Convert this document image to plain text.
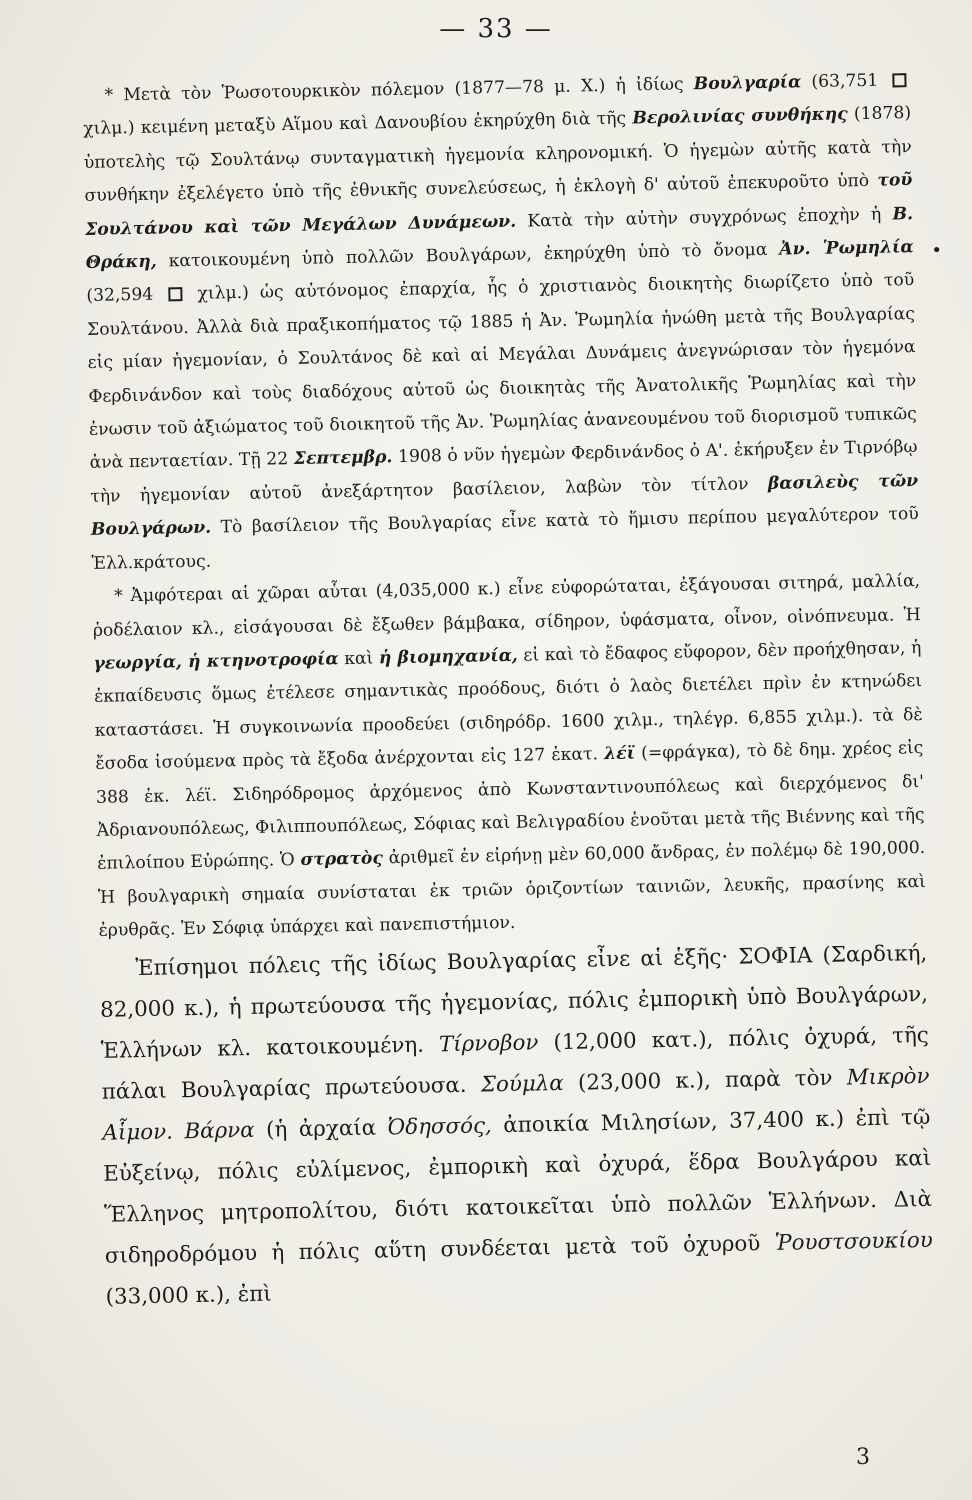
— 33 —
•

* Μετὰ τὸν Ῥωσοτουρκικὸν πόλεμον (1877—78 μ. Χ.) ἡ ἰδίως Βουλγαρία (63,751  χιλμ.) κειμένη μεταξὺ Αἵμου καὶ Δανουβίου ἐκηρύχθη διὰ τῆς Βερολινίας συνθήκης (1878) ὑποτελὴς τῷ Σουλτάνῳ συνταγματικὴ ἡγεμονία κληρονομική. Ὁ ἡγεμὼν αὐτῆς κατὰ τὴν συνθήκην ἐξελέγετο ὑπὸ τῆς ἐθνικῆς συνελεύσεως, ἡ ἐκλογὴ δ' αὐτοῦ ἐπεκυροῦτο ὑπὸ τοῦ Σουλτάνου καὶ τῶν Μεγάλων Δυνάμεων. Κατὰ τὴν αὐτὴν συγχρόνως ἐποχὴν ἡ Β. Θράκη, κατοικουμένη ὑπὸ πολλῶν Βουλγάρων, ἐκηρύχθη ὑπὸ τὸ ὄνομα Ἀν. Ῥωμηλία (32,594  χιλμ.) ὡς αὐτόνομος ἐπαρχία, ἧς ὁ χριστιανὸς διοικητὴς διωρίζετο ὑπὸ τοῦ Σουλτάνου. Ἀλλὰ διὰ πραξικοπήματος τῷ 1885 ἡ Ἀν. Ῥωμηλία ἡνώθη μετὰ τῆς Βουλγαρίας εἰς μίαν ἡγεμονίαν, ὁ Σουλτάνος δὲ καὶ αἱ Μεγάλαι Δυνάμεις ἀνεγνώρισαν τὸν ἡγεμόνα Φερδινάνδον καὶ τοὺς διαδόχους αὐτοῦ ὡς διοικητὰς τῆς Ἀνατολικῆς Ῥωμηλίας καὶ τὴν ἐνωσιν τοῦ ἀξιώματος τοῦ διοικητοῦ τῆς Ἀν. Ῥωμηλίας ἀνανεουμένου τοῦ διορισμοῦ τυπικῶς ἀνὰ πενταετίαν. Τῇ 22 Σεπτεμβρ. 1908 ὁ νῦν ἡγεμὼν Φερδινάνδος ὁ Α'. ἐκήρυξεν ἐν Τιρνόβῳ τὴν ἡγεμονίαν αὐτοῦ ἀνεξάρτητον βασίλειον, λαβὼν τὸν τίτλον βασιλεὺς τῶν Βουλγάρων. Τὸ βασίλειον τῆς Βουλγαρίας εἶνε κατὰ τὸ ἥμισυ περίπου μεγαλύτερον τοῦ Ἑλλ.κράτους.

* Ἀμφότεραι αἱ χῶραι αὗται (4,035,000 κ.) εἶνε εὐφορώταται, ἐξάγουσαι σιτηρά, μαλλία, ῥοδέλαιον κλ., εἰσάγουσαι δὲ ἔξωθεν βάμβακα, σίδηρον, ὑφάσματα, οἶνον, οἰνόπνευμα. Ἡ γεωργία, ἡ κτηνοτροφία καὶ ἡ βιομηχανία, εἰ καὶ τὸ ἔδαφος εὔφορον, δὲν προήχθησαν, ἡ ἐκπαίδευσις ὅμως ἐτέλεσε σημαντικὰς προόδους, διότι ὁ λαὸς διετέλει πρὶν ἐν κτηνώδει καταστάσει. Ἡ συγκοινωνία προοδεύει (σιδηρόδρ. 1600 χιλμ., τηλέγρ. 6,855 χιλμ.). τὰ δὲ ἔσοδα ἰσούμενα πρὸς τὰ ἔξοδα ἀνέρχονται εἰς 127 ἑκατ. λέϊ (=φράγκα), τὸ δὲ δημ. χρέος εἰς 388 ἑκ. λέϊ. Σιδηρόδρομος ἀρχόμενος ἀπὸ Κωνσταντινουπόλεως καὶ διερχόμενος δι' Ἀδριανουπόλεως, Φιλιππουπόλεως, Σόφιας καὶ Βελιγραδίου ἑνοῦται μετὰ τῆς Βιέννης καὶ τῆς ἐπιλοίπου Εὐρώπης. Ὁ στρατὸς ἀριθμεῖ ἐν εἰρήνῃ μὲν 60,000 ἄνδρας, ἐν πολέμῳ δὲ 190,000. Ἡ βουλγαρικὴ σημαία συνίσταται ἐκ τριῶν ὁριζοντίων ταινιῶν, λευκῆς, πρασίνης καὶ ἐρυθρᾶς. Ἐν Σόφιᾳ ὑπάρχει καὶ πανεπιστήμιον.

Ἐπίσημοι πόλεις τῆς ἰδίως Βουλγαρίας εἶνε αἱ ἑξῆς· ΣΟΦΙΑ (Σαρδική, 82,000 κ.), ἡ πρωτεύουσα τῆς ἡγεμονίας, πόλις ἐμπορικὴ ὑπὸ Βουλγάρων, Ἑλλήνων κλ. κατοικουμένη. Τίρνοβον (12,000 κατ.), πόλις ὀχυρά, τῆς πάλαι Βουλγαρίας πρωτεύουσα. Σούμλα (23,000 κ.), παρὰ τὸν Μικρὸν Αἷμον. Βάρνα (ἡ ἀρχαία Ὀδησσός, ἀποικία Μιλησίων, 37,400 κ.) ἐπὶ τῷ Εὐξείνῳ, πόλις εὐλίμενος, ἐμπορικὴ καὶ ὀχυρά, ἕδρα Βουλγάρου καὶ Ἕλληνος μητροπολίτου, διότι κατοικεῖται ὑπὸ πολλῶν Ἑλλήνων. Διὰ σιδηροδρόμου ἡ πόλις αὕτη συνδέεται μετὰ τοῦ ὀχυροῦ Ῥουστσουκίου (33,000 κ.), ἐπὶ

3
